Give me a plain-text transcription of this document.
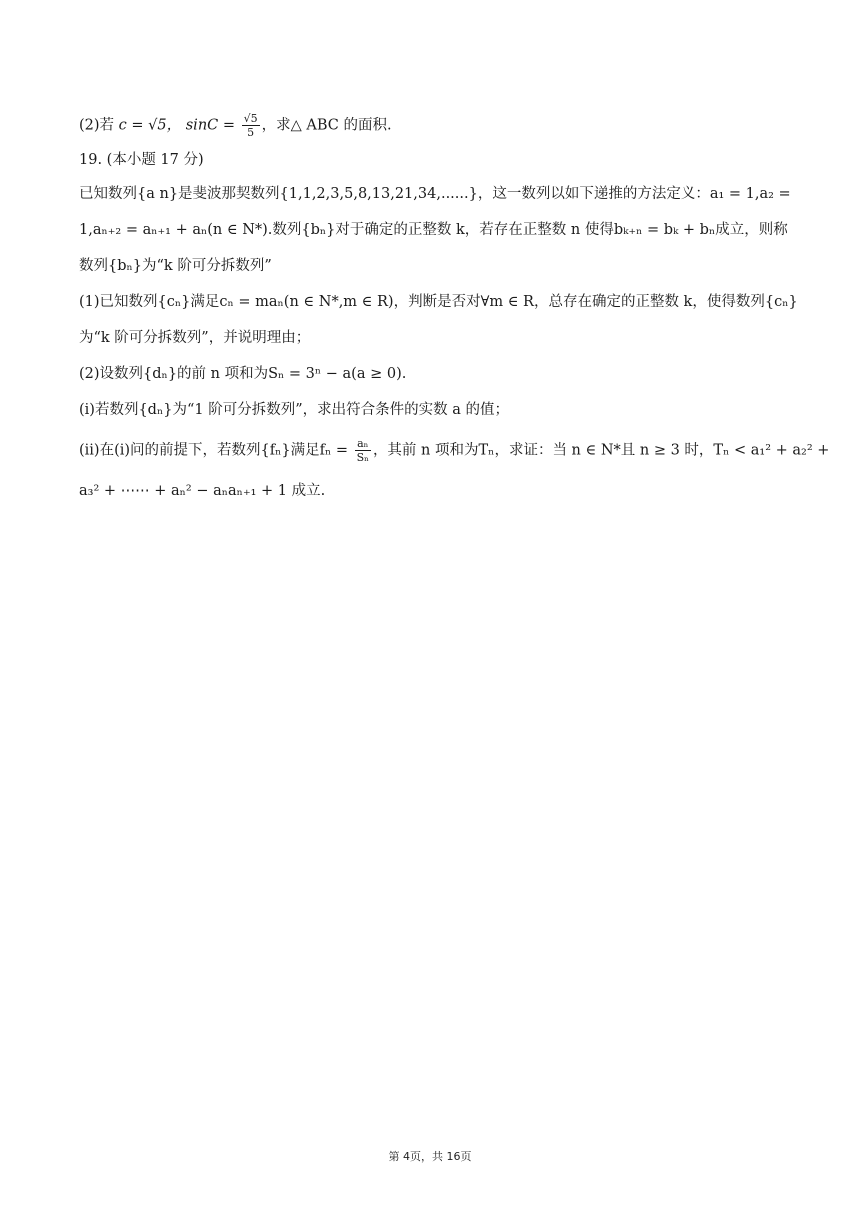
(2)若 c = √5， $\sin C = \frac{√5}{5}$ ，求△ ABC 的面积.
19. (本小题 17 分)
已知数列{a n}是斐波那契数列{1,1,2,3,5,8,13,21,34,......}，这一数列以如下递推的方法定义：a₁ = 1,a₂ =
1,aₙ₊₂ = aₙ₊₁ + aₙ(n ∈ N*).数列{bₙ}对于确定的正整数 k，若存在正整数 n 使得bₖ₊ₙ = bₖ + bₙ成立，则称
数列{bₙ}为“k 阶可分拆数列”
(1)已知数列{cₙ}满足cₙ = maₙ(n ∈ N*,m ∈ R)，判断是否对∀m ∈ R，总存在确定的正整数 k，使得数列{cₙ}
为“k 阶可分拆数列”，并说明理由；
(2)设数列{dₙ}的前 n 项和为Sₙ = 3ⁿ − a(a ≥ 0).
(ⅰ)若数列{dₙ}为“1 阶可分拆数列”，求出符合条件的实数 a 的值；
(ⅱ)在(ⅰ)问的前提下，若数列{fₙ}满足$f_n = \frac{\text{aₙ}}{\text{Sₙ}}$ ，其前 n 项和为Tₙ，求证：当 n ∈ N*且 n ≥ 3 时，Tₙ < a₁² + a₂² +
a₃² + ⋯⋯ + aₙ² − aₙaₙ₊₁ + 1 成立.
第 4页，共 16页
